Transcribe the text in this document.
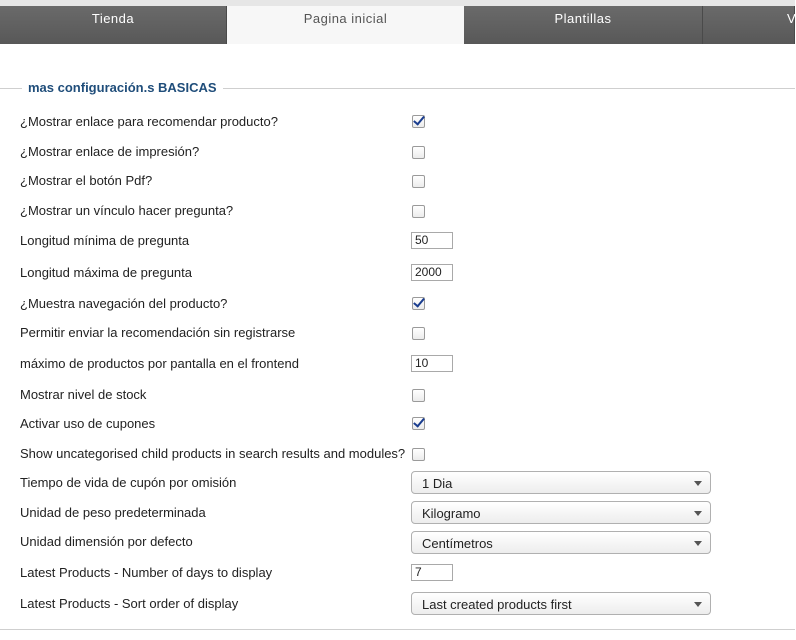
Tienda	Pagina inicial	Plantillas	V
mas configuración.s BASICAS
¿Mostrar enlace para recomendar producto?
¿Mostrar enlace de impresión?
¿Mostrar el botón Pdf?
¿Mostrar un vínculo hacer pregunta?
Longitud mínima de pregunta	50
Longitud máxima de pregunta	2000
¿Muestra navegación del producto?
Permitir enviar la recomendación sin registrarse
máximo de productos por pantalla en el frontend	10
Mostrar nivel de stock
Activar uso de cupones
Show uncategorised child products in search results and modules?
Tiempo de vida de cupón por omisión	1 Dia
Unidad de peso predeterminada	Kilogramo
Unidad dimensión por defecto	Centímetros
Latest Products - Number of days to display	7
Latest Products - Sort order of display	Last created products first
